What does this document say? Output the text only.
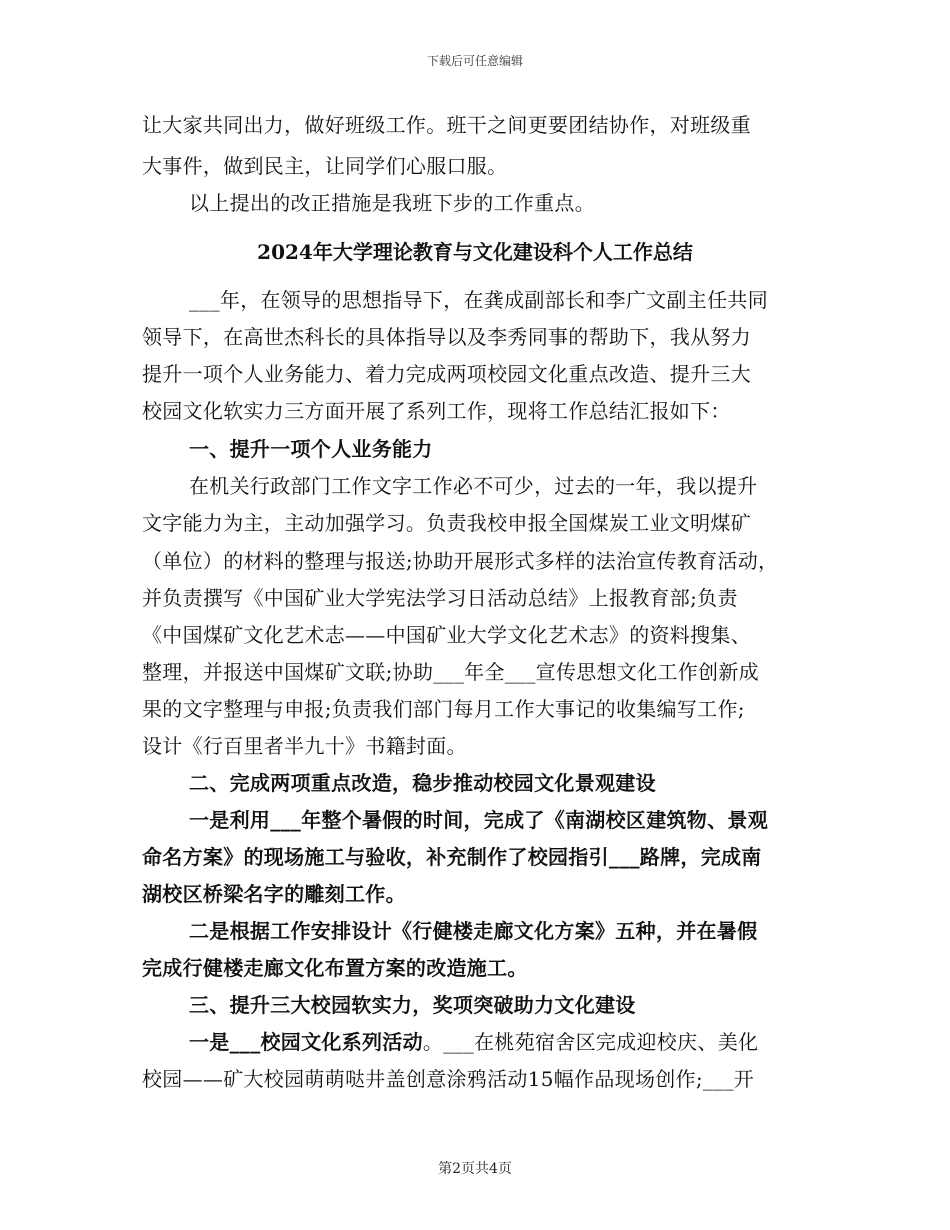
下载后可任意编辑
让大家共同出力，做好班级工作。班干之间更要团结协作，对班级重
大事件，做到民主，让同学们心服口服。
以上提出的改正措施是我班下步的工作重点。
2024年大学理论教育与文化建设科个人工作总结
___年，在领导的思想指导下，在龚成副部长和李广文副主任共同
领导下，在高世杰科长的具体指导以及李秀同事的帮助下，我从努力
提升一项个人业务能力、着力完成两项校园文化重点改造、提升三大
校园文化软实力三方面开展了系列工作，现将工作总结汇报如下：
一、提升一项个人业务能力
在机关行政部门工作文字工作必不可少，过去的一年，我以提升
文字能力为主，主动加强学习。负责我校申报全国煤炭工业文明煤矿
（单位）的材料的整理与报送;协助开展形式多样的法治宣传教育活动，
并负责撰写《中国矿业大学宪法学习日活动总结》上报教育部;负责
《中国煤矿文化艺术志——中国矿业大学文化艺术志》的资料搜集、
整理，并报送中国煤矿文联;协助___年全___宣传思想文化工作创新成
果的文字整理与申报;负责我们部门每月工作大事记的收集编写工作;
设计《行百里者半九十》书籍封面。
二、完成两项重点改造，稳步推动校园文化景观建设
一是利用___年整个暑假的时间，完成了《南湖校区建筑物、景观
命名方案》的现场施工与验收，补充制作了校园指引___路牌，完成南
湖校区桥梁名字的雕刻工作。
二是根据工作安排设计《行健楼走廊文化方案》五种，并在暑假
完成行健楼走廊文化布置方案的改造施工。
三、提升三大校园软实力，奖项突破助力文化建设
一是___校园文化系列活动。___在桃苑宿舍区完成迎校庆、美化
校园——矿大校园萌萌哒井盖创意涂鸦活动15幅作品现场创作;___开
第2页共4页
